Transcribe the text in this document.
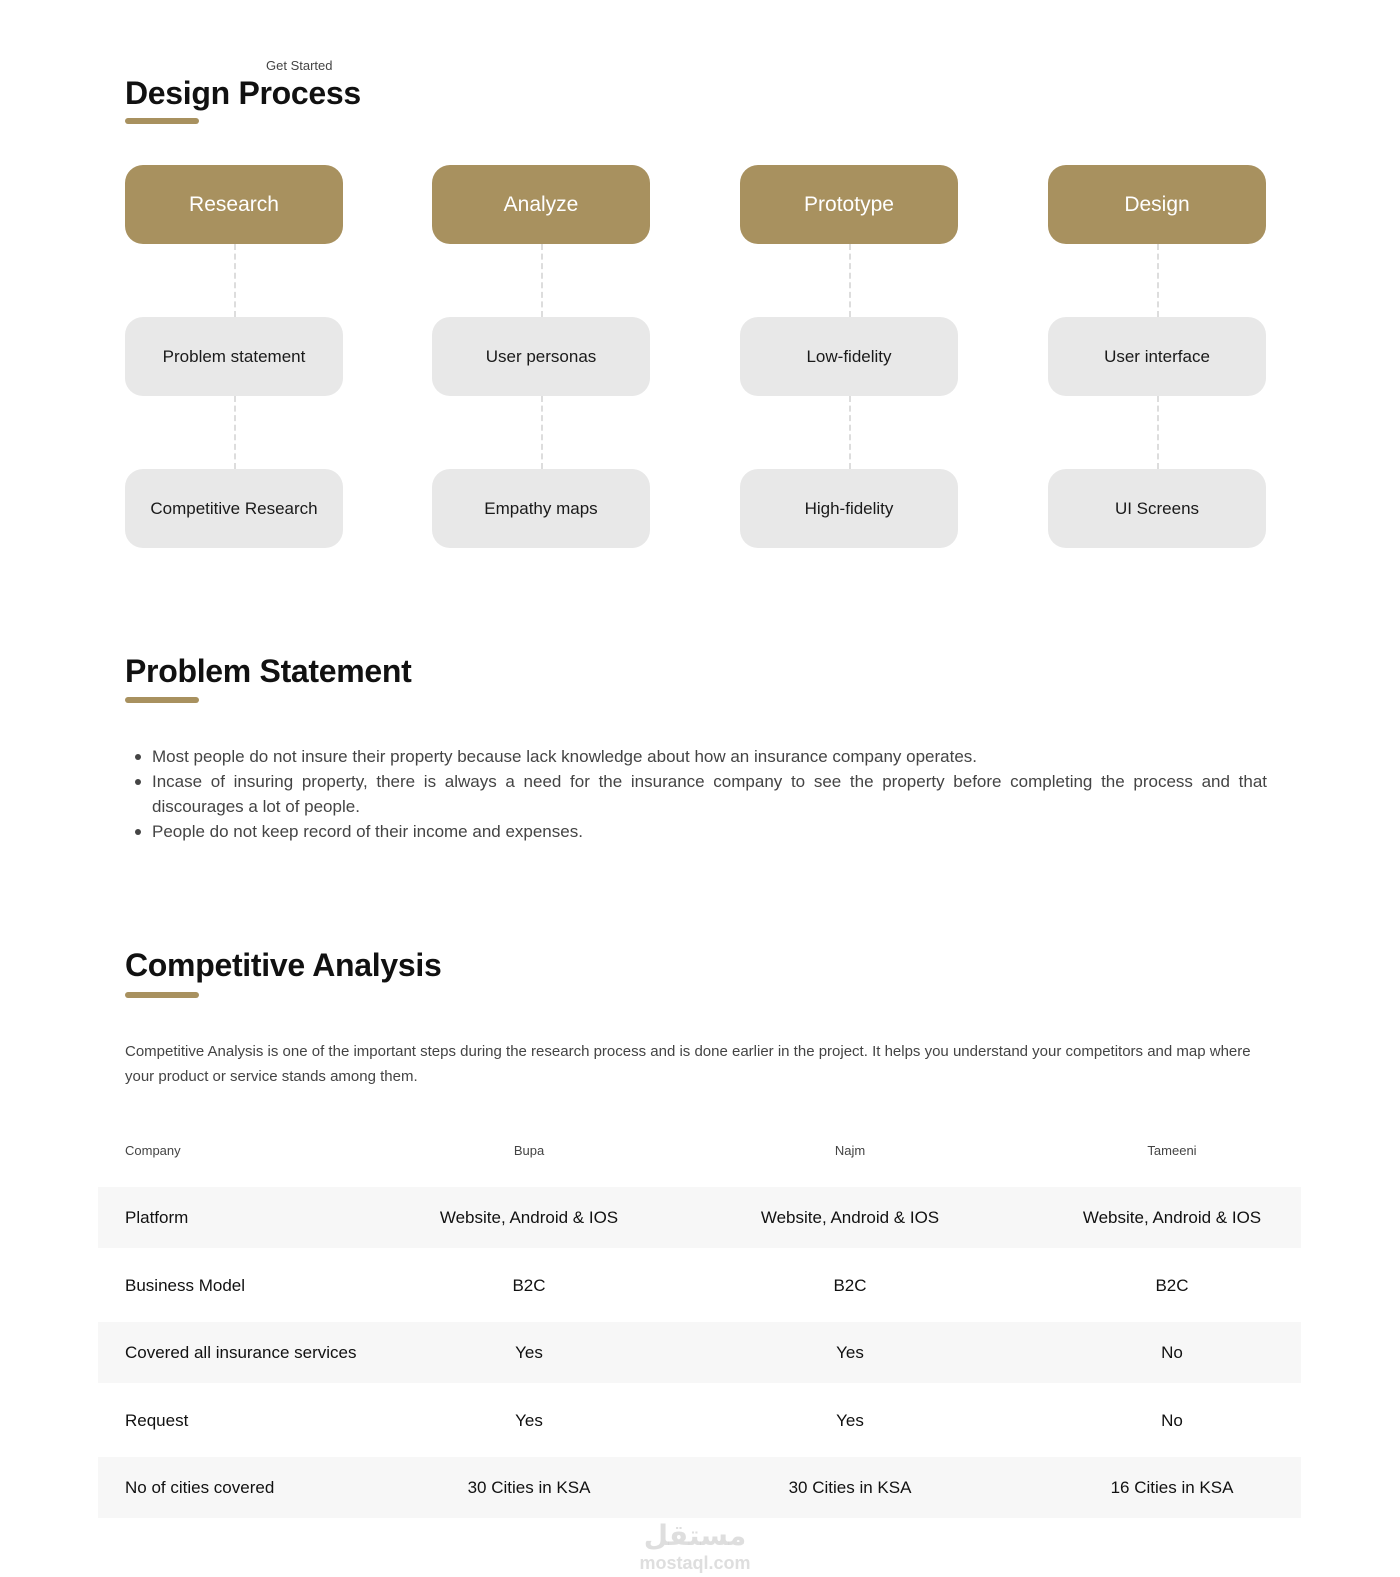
Get Started
Design Process
Research
Problem statement
Competitive Research
Analyze
User personas
Empathy maps
Prototype
Low-fidelity
High-fidelity
Design
User interface
UI Screens
Problem Statement
Most people do not insure their property because lack knowledge about how an insurance company operates.
Incase of insuring property, there is always a need for the insurance company to see the property before completing the process and that discourages a lot of people.
People do not keep record of their income and expenses.
Competitive Analysis
Competitive Analysis is one of the important steps during the research process and is done earlier in the project. It helps you understand your competitors and map where your product or service stands among them.
Company	Bupa	Najm	Tameeni
Platform	Website, Android & IOS	Website, Android & IOS	Website, Android & IOS
Business Model	B2C	B2C	B2C
Covered all insurance services	Yes	Yes	No
Request	Yes	Yes	No
No of cities covered	30 Cities in KSA	30 Cities in KSA	16 Cities in KSA
مستقل
mostaql.com
